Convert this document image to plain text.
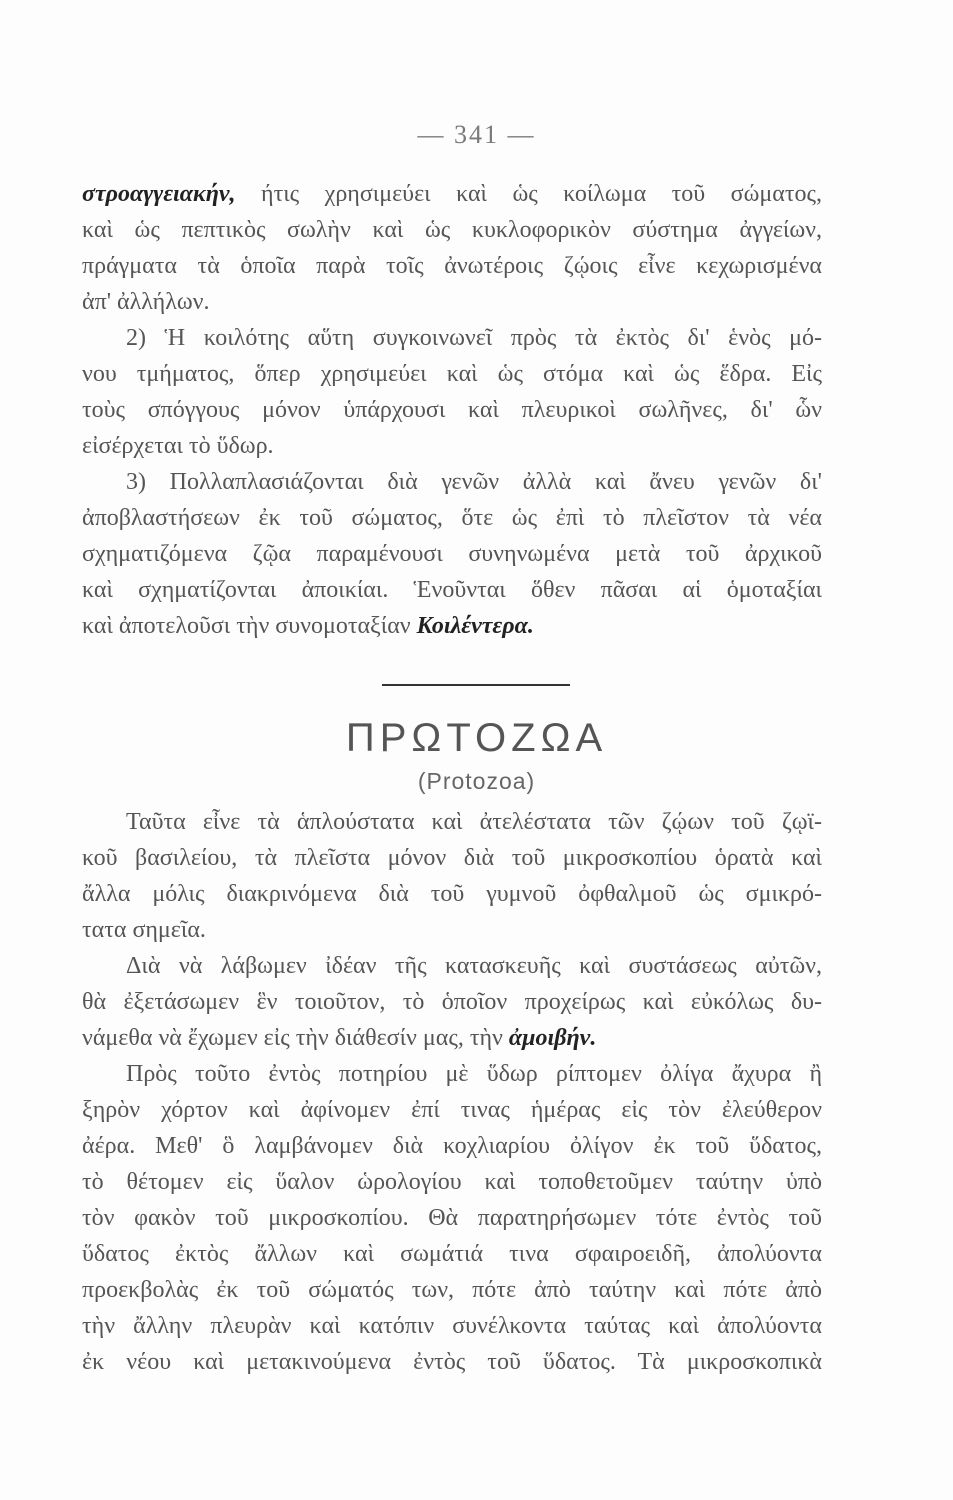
— 341 —
στροαγγειακήν, ήτις χρησιμεύει καὶ ὡς κοίλωμα τοῦ σώματος,
καὶ ὡς πεπτικὸς σωλὴν καὶ ὡς κυκλοφορικὸν σύστημα ἀγγείων,
πράγματα τὰ ὁποῖα παρὰ τοῖς ἀνωτέροις ζῴοις εἶνε κεχωρισμένα
ἀπ' ἀλλήλων.
2) Ἡ κοιλότης αὕτη συγκοινωνεῖ πρὸς τὰ ἐκτὸς δι' ἑνὸς μό-
νου τμήματος, ὅπερ χρησιμεύει καὶ ὡς στόμα καὶ ὡς ἕδρα. Εἰς
τοὺς σπόγγους μόνον ὑπάρχουσι καὶ πλευρικοὶ σωλῆνες, δι' ὧν
εἰσέρχεται τὸ ὕδωρ.
3) Πολλαπλασιάζονται διὰ γενῶν ἀλλὰ καὶ ἄνευ γενῶν δι'
ἀποβλαστήσεων ἐκ τοῦ σώματος, ὅτε ὡς ἐπὶ τὸ πλεῖστον τὰ νέα
σχηματιζόμενα ζῷα παραμένουσι συνηνωμένα μετὰ τοῦ ἀρχικοῦ
καὶ σχηματίζονται ἀποικίαι. Ἑνοῦνται ὅθεν πᾶσαι αἱ ὁμοταξίαι
καὶ ἀποτελοῦσι τὴν συνομοταξίαν Κοιλέντερα.
ΠΡΩΤΟΖΩΑ
(Protozoa)
Ταῦτα εἶνε τὰ ἁπλούστατα καὶ ἀτελέστατα τῶν ζῴων τοῦ ζῳϊ-
κοῦ βασιλείου, τὰ πλεῖστα μόνον διὰ τοῦ μικροσκοπίου ὁρατὰ καὶ
ἄλλα μόλις διακρινόμενα διὰ τοῦ γυμνοῦ ὀφθαλμοῦ ὡς σμικρό-
τατα σημεῖα.
Διὰ νὰ λάβωμεν ἰδέαν τῆς κατασκευῆς καὶ συστάσεως αὐτῶν,
θὰ ἐξετάσωμεν ἓν τοιοῦτον, τὸ ὁποῖον προχείρως καὶ εὐκόλως δυ-
νάμεθα νὰ ἔχωμεν εἰς τὴν διάθεσίν μας, τὴν ἀμοιβήν.
Πρὸς τοῦτο ἐντὸς ποτηρίου μὲ ὕδωρ ρίπτομεν ὀλίγα ἄχυρα ἢ
ξηρὸν χόρτον καὶ ἀφίνομεν ἐπί τινας ἡμέρας εἰς τὸν ἐλεύθερον
ἀέρα. Μεθ' ὃ λαμβάνομεν διὰ κοχλιαρίου ὀλίγον ἐκ τοῦ ὕδατος,
τὸ θέτομεν εἰς ὕαλον ὡρολογίου καὶ τοποθετοῦμεν ταύτην ὑπὸ
τὸν φακὸν τοῦ μικροσκοπίου. Θὰ παρατηρήσωμεν τότε ἐντὸς τοῦ
ὕδατος ἐκτὸς ἄλλων καὶ σωμάτιά τινα σφαιροειδῆ, ἀπολύοντα
προεκβολὰς ἐκ τοῦ σώματός των, πότε ἀπὸ ταύτην καὶ πότε ἀπὸ
τὴν ἄλλην πλευρὰν καὶ κατόπιν συνέλκοντα ταύτας καὶ ἀπολύοντα
ἐκ νέου καὶ μετακινούμενα ἐντὸς τοῦ ὕδατος. Τὰ μικροσκοπικὰ
